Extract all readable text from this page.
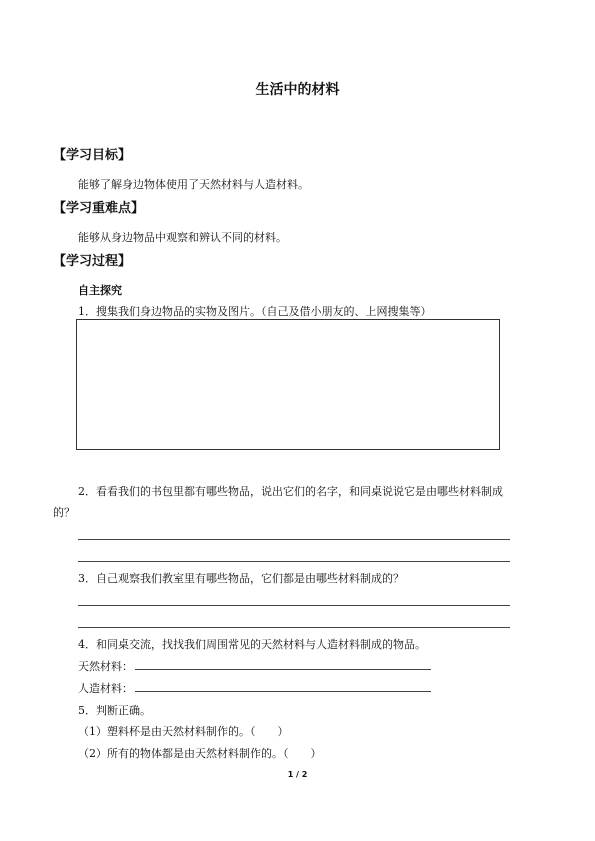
生活中的材料
【学习目标】
能够了解身边物体使用了天然材料与人造材料。
【学习重难点】
能够从身边物品中观察和辨认不同的材料。
【学习过程】
自主探究
1．搜集我们身边物品的实物及图片。（自己及借小朋友的、上网搜集等）
2．看看我们的书包里都有哪些物品，说出它们的名字，和同桌说说它是由哪些材料制成
的？
3．自己观察我们教室里有哪些物品，它们都是由哪些材料制成的？
4．和同桌交流，找找我们周围常见的天然材料与人造材料制成的物品。
天然材料：
人造材料：
5．判断正确。
（1）塑料杯是由天然材料制作的。（　　）
（2）所有的物体都是由天然材料制作的。（　　）
1 / 2
